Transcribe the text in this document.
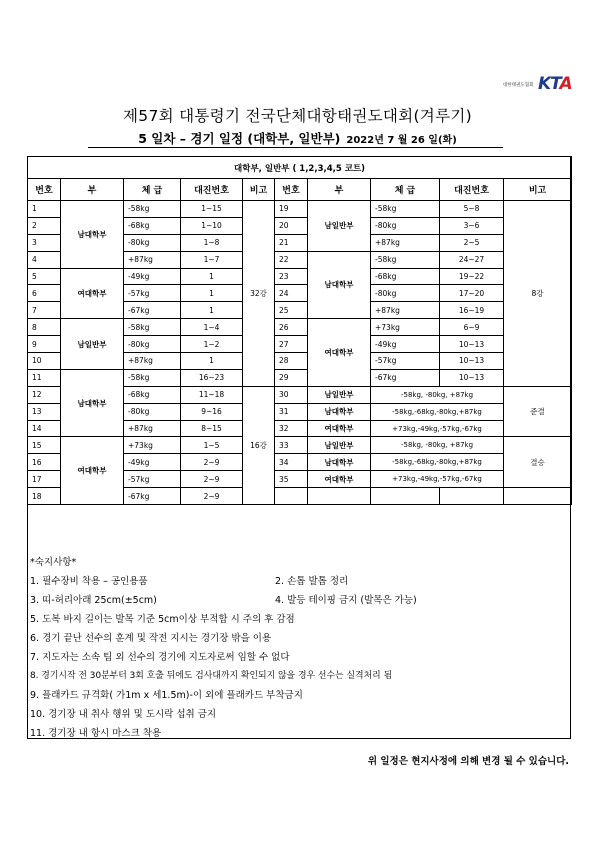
대한태권도협회 KTA
제57회 대통령기 전국단체대항태권도대회(겨루기)
5 일차 – 경기 일정 (대학부, 일반부) 2022년 7 월 26 일(화)
대학부, 일반부 ( 1,2,3,4,5 코트)									
번호	부	체 급	대진번호	비고	번호	부	체 급	대진번호	비고
1	남대학부	-58kg	1~15	32강	19	남일반부	-58kg	5~8	8강
2		-68kg	1~10		20		-80kg	3~6	
3		-80kg	1~8		21		+87kg	2~5	
4		+87kg	1~7		22	남대학부	-58kg	24~27	
5	여대학부	-49kg	1		23		-68kg	19~22	
6		-57kg	1		24		-80kg	17~20	
7		-67kg	1		25		+87kg	16~19	
8	남일반부	-58kg	1~4		26	여대학부	+73kg	6~9	
9		-80kg	1~2		27		-49kg	10~13	
10		+87kg	1		28		-57kg	10~13	
11	남대학부	-58kg	16~23		29		-67kg	10~13	
12		-68kg	11~18	16강	30	남일반부	-58kg, -80kg, +87kg		준결
13		-80kg	9~16		31	남대학부	-58kg,-68kg,-80kg,+87kg		
14		+87kg	8~15		32	여대학부	+73kg,-49kg,-57kg,-67kg		
15	여대학부	+73kg	1~5		33	남일반부	-58kg, -80kg, +87kg		결승
16		-49kg	2~9		34	남대학부	-58kg,-68kg,-80kg,+87kg		
17		-57kg	2~9		35	여대학부	+73kg,-49kg,-57kg,-67kg		
18		-67kg	2~9						
*숙지사항*
1. 필수장비 착용 – 공인용품	2. 손톱 발톱 정리
3. 띠-허리아래 25cm(±5cm)	4. 발등 테이핑 금지 (발목은 가능)
5. 도복 바지 길이는 발목 기준 5cm이상 부적합 시 주의 후 감점
6. 경기 끝난 선수의 훈계 및 작전 지시는 경기장 밖을 이용
7. 지도자는 소속 팀 외 선수의 경기에 지도자로써 임할 수 없다
8. 경기시작 전 30분부터 3회 호출 뒤에도 검사대까지 확인되지 않을 경우 선수는 실격처리 됨
9. 플래카드 규격화( 가1m x 세1.5m)-이 외에 플래카드 부착금지
10. 경기장 내 취사 행위 및 도시락 섭취 금지
11. 경기장 내 항시 마스크 착용
위 일정은 현지사정에 의해 변경 될 수 있습니다.
